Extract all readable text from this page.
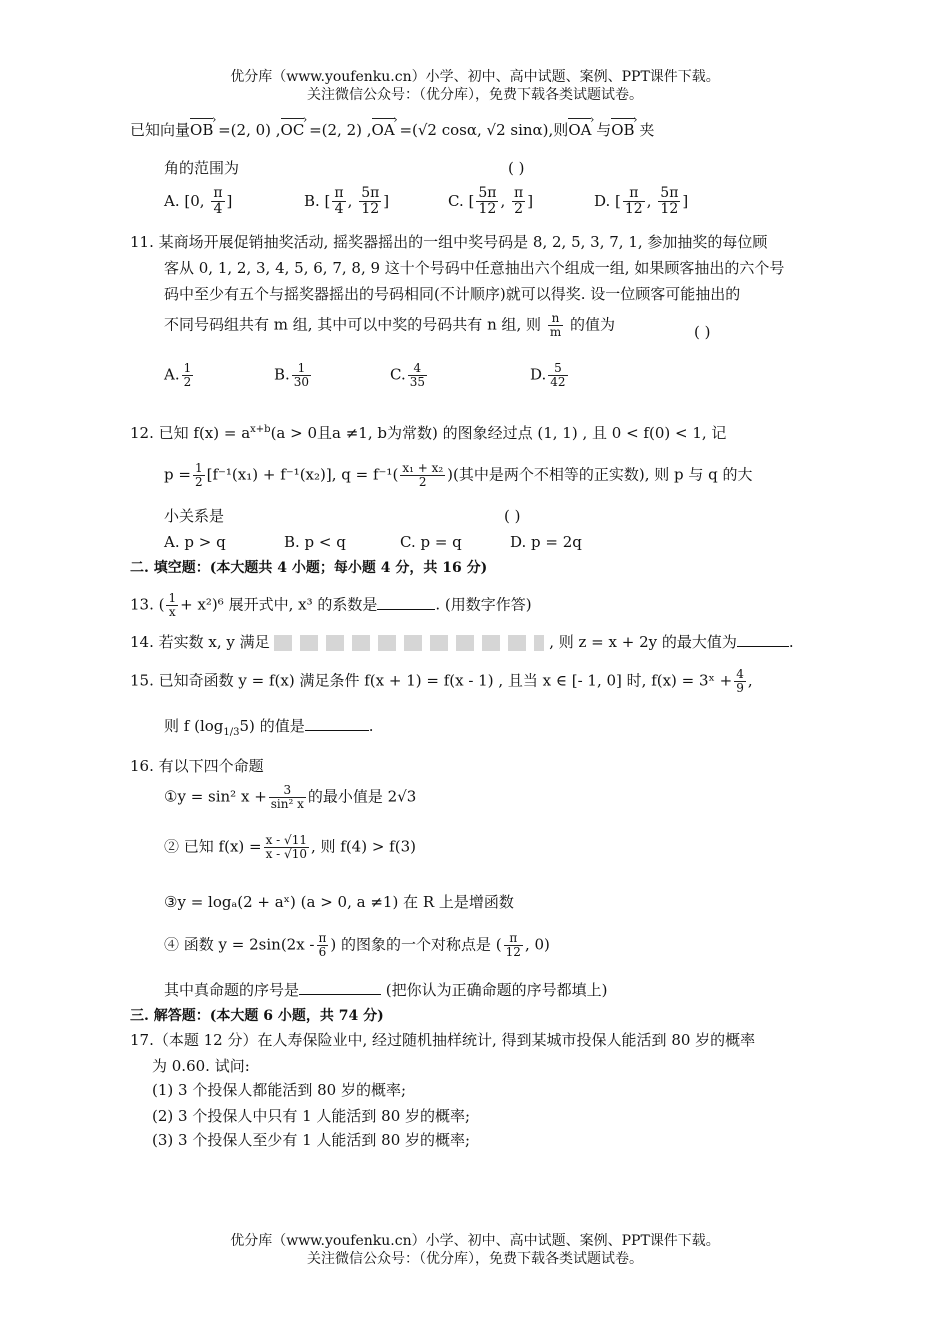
优分库（www.youfenku.cn）小学、初中、高中试题、案例、PPT课件下载。
关注微信公众号：（优分库），免费下载各类试题试卷。
已知向量OB › =(2, 0) ,OC › =(2, 2) ,OA › =(√2 cosα, √2 sinα),则OA › 与OB › 夹
角的范围为	( )
A. [0, $\frac{\pi}{4}$ ]	B. [ $\frac{\pi}{4}$ , $\frac{5\pi}{12}$ ]	C. [ $\frac{5\pi}{12}$ , $\frac{\pi}{2}$ ]	D. [ $\frac{\pi}{12}$ , $\frac{5\pi}{12}$ ]
11. 某商场开展促销抽奖活动, 摇奖器摇出的一组中奖号码是 8, 2, 5, 3, 7, 1, 参加抽奖的每位顾
客从 0, 1, 2, 3, 4, 5, 6, 7, 8, 9 这十个号码中任意抽出六个组成一组, 如果顾客抽出的六个号
码中至少有五个与摇奖器摇出的号码相同(不计顺序)就可以得奖. 设一位顾客可能抽出的
不同号码组共有 m 组, 其中可以中奖的号码共有 n 组, 则 $\frac{n}{m}$ 的值为	( )
A. $\frac{1}{2}$	B. $\frac{1}{30}$	C. $\frac{4}{35}$	D. $\frac{5}{42}$
12. 已知 $f(x) = a^{x+b}(a > 0$且a ≠1, b为常数) 的图象经过点 (1, 1) , 且 0 < f(0) < 1, 记
$p = \frac{1}{2} [f^{-1}(x_1) + f^{-1}(x_2)]$, $q = f^{-1}( \frac{\text{x₁ + x₂}}{2}$ )(其中是两个不相等的正实数), 则 p 与 q 的大
小关系是	( )
A. p > q	B. p < q	C. p = q	D. p = 2q
二. 填空题：(本大题共 4 小题；每小题 4 分，共 16 分)
13. ( $\frac{1}{x} + x^2)^6$ 展开式中, x³ 的系数是	. (用数字作答)
14. 若实数 x, y 满足	, 则 z = x + 2y 的最大值为	.
15. 已知奇函数 y = f(x) 满足条件 f(x + 1) = f(x - 1) , 且当 x ∈ [- 1, 0] 时, f(x) = 3ˣ + $\frac{4}{9}$ ,
则 f $(\log_{1/3}5)$ 的值是	.
16. 有以下四个命题
①y = sin² $x + \frac{3}{\text{sin² x}}$ 的最小值是 2√3
② 已知 $f(x) = \frac{x - √11}{x - √10}$ , 则 f(4) > f(3)
③y = logₐ(2 + aˣ) (a > 0, a ≠1) 在 R 上是增函数
④ 函数 $y = 2\sin(2x - \frac{\pi}{6}$ ) 的图象的一个对称点是 ( $\frac{\pi}{12}$ , 0)
其中真命题的序号是	(把你认为正确命题的序号都填上)
三. 解答题：(本大题 6 小题，共 74 分)
17.（本题 12 分）在人寿保险业中, 经过随机抽样统计, 得到某城市投保人能活到 80 岁的概率
为 0.60. 试问:
(1) 3 个投保人都能活到 80 岁的概率;
(2) 3 个投保人中只有 1 人能活到 80 岁的概率;
(3) 3 个投保人至少有 1 人能活到 80 岁的概率;
优分库（www.youfenku.cn）小学、初中、高中试题、案例、PPT课件下载。
关注微信公众号：（优分库），免费下载各类试题试卷。
